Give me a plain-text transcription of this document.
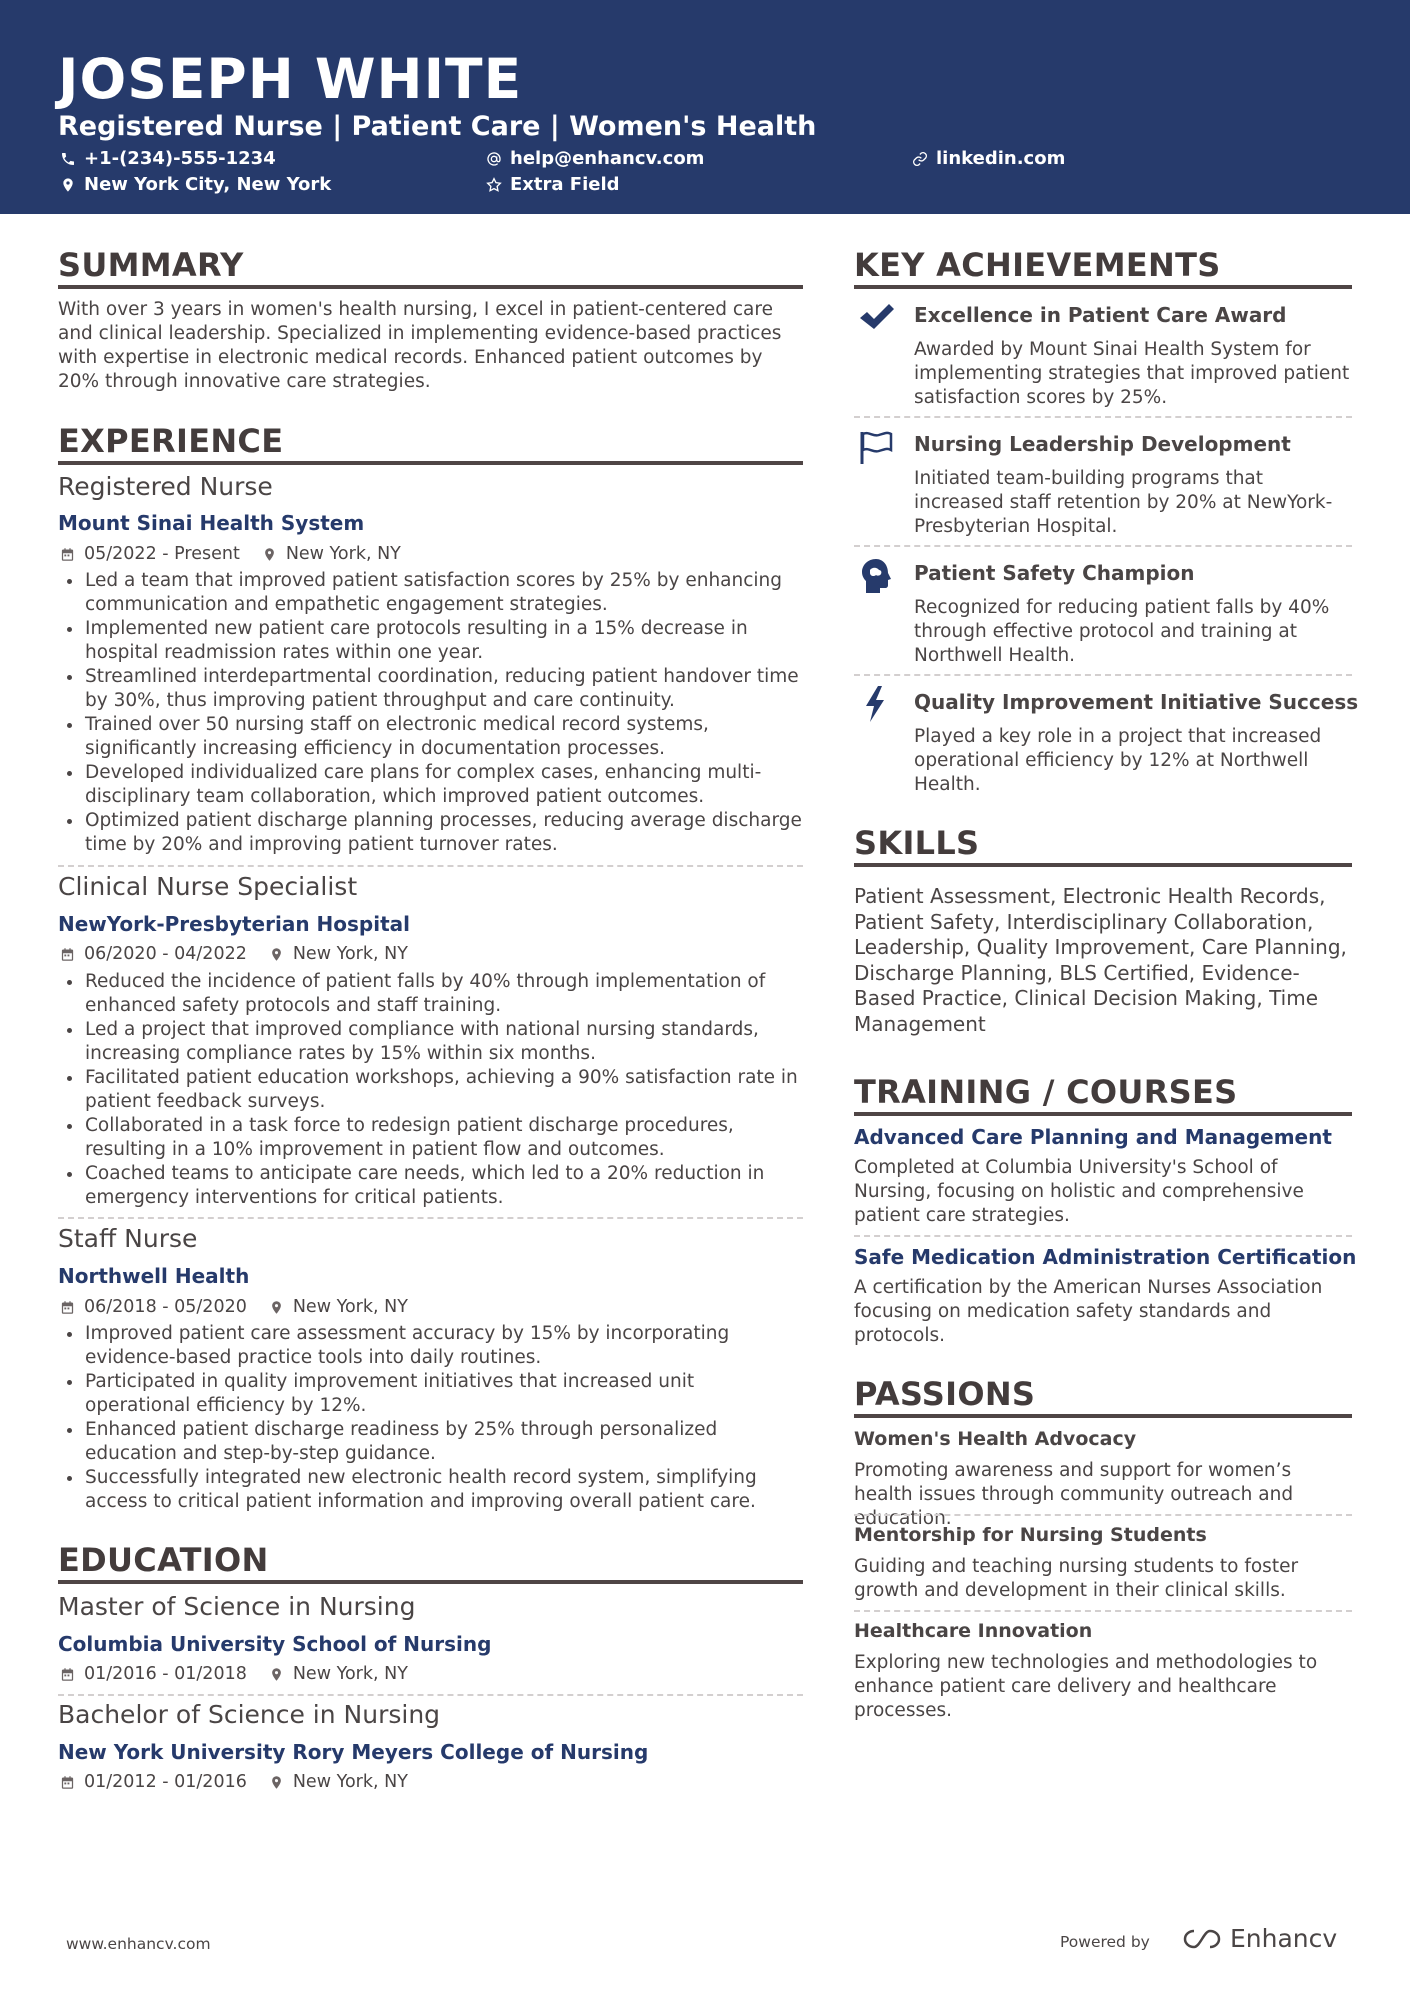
JOSEPH WHITE
Registered Nurse | Patient Care | Women's Health
+1-(234)-555-1234	help@enhancv.com	linkedin.com
New York City, New York	Extra Field
SUMMARY
With over 3 years in women's health nursing, I excel in patient-centered care and clinical leadership. Specialized in implementing evidence-based practices with expertise in electronic medical records. Enhanced patient outcomes by 20% through innovative care strategies.
EXPERIENCE
Registered Nurse
Mount Sinai Health System
05/2022 - Present	New York, NY
Led a team that improved patient satisfaction scores by 25% by enhancing communication and empathetic engagement strategies.
Implemented new patient care protocols resulting in a 15% decrease in hospital readmission rates within one year.
Streamlined interdepartmental coordination, reducing patient handover time by 30%, thus improving patient throughput and care continuity.
Trained over 50 nursing staff on electronic medical record systems, significantly increasing efficiency in documentation processes.
Developed individualized care plans for complex cases, enhancing multi-disciplinary team collaboration, which improved patient outcomes.
Optimized patient discharge planning processes, reducing average discharge time by 20% and improving patient turnover rates.
Clinical Nurse Specialist
NewYork-Presbyterian Hospital
06/2020 - 04/2022	New York, NY
Reduced the incidence of patient falls by 40% through implementation of enhanced safety protocols and staff training.
Led a project that improved compliance with national nursing standards, increasing compliance rates by 15% within six months.
Facilitated patient education workshops, achieving a 90% satisfaction rate in patient feedback surveys.
Collaborated in a task force to redesign patient discharge procedures, resulting in a 10% improvement in patient flow and outcomes.
Coached teams to anticipate care needs, which led to a 20% reduction in emergency interventions for critical patients.
Staff Nurse
Northwell Health
06/2018 - 05/2020	New York, NY
Improved patient care assessment accuracy by 15% by incorporating evidence-based practice tools into daily routines.
Participated in quality improvement initiatives that increased unit operational efficiency by 12%.
Enhanced patient discharge readiness by 25% through personalized education and step-by-step guidance.
Successfully integrated new electronic health record system, simplifying access to critical patient information and improving overall patient care.
EDUCATION
Master of Science in Nursing
Columbia University School of Nursing
01/2016 - 01/2018	New York, NY
Bachelor of Science in Nursing
New York University Rory Meyers College of Nursing
01/2012 - 01/2016	New York, NY
KEY ACHIEVEMENTS
Excellence in Patient Care Award
Awarded by Mount Sinai Health System for implementing strategies that improved patient satisfaction scores by 25%.
Nursing Leadership Development
Initiated team-building programs that increased staff retention by 20% at NewYork-Presbyterian Hospital.
Patient Safety Champion
Recognized for reducing patient falls by 40% through effective protocol and training at Northwell Health.
Quality Improvement Initiative Success
Played a key role in a project that increased operational efficiency by 12% at Northwell Health.
SKILLS
Patient Assessment, Electronic Health Records, Patient Safety, Interdisciplinary Collaboration, Leadership, Quality Improvement, Care Planning, Discharge Planning, BLS Certified, Evidence-Based Practice, Clinical Decision Making, Time Management
TRAINING / COURSES
Advanced Care Planning and Management
Completed at Columbia University's School of Nursing, focusing on holistic and comprehensive patient care strategies.
Safe Medication Administration Certification
A certification by the American Nurses Association focusing on medication safety standards and protocols.
PASSIONS
Women's Health Advocacy
Promoting awareness and support for women’s health issues through community outreach and education.
Mentorship for Nursing Students
Guiding and teaching nursing students to foster growth and development in their clinical skills.
Healthcare Innovation
Exploring new technologies and methodologies to enhance patient care delivery and healthcare processes.
www.enhancv.com	Powered by	Enhancv
